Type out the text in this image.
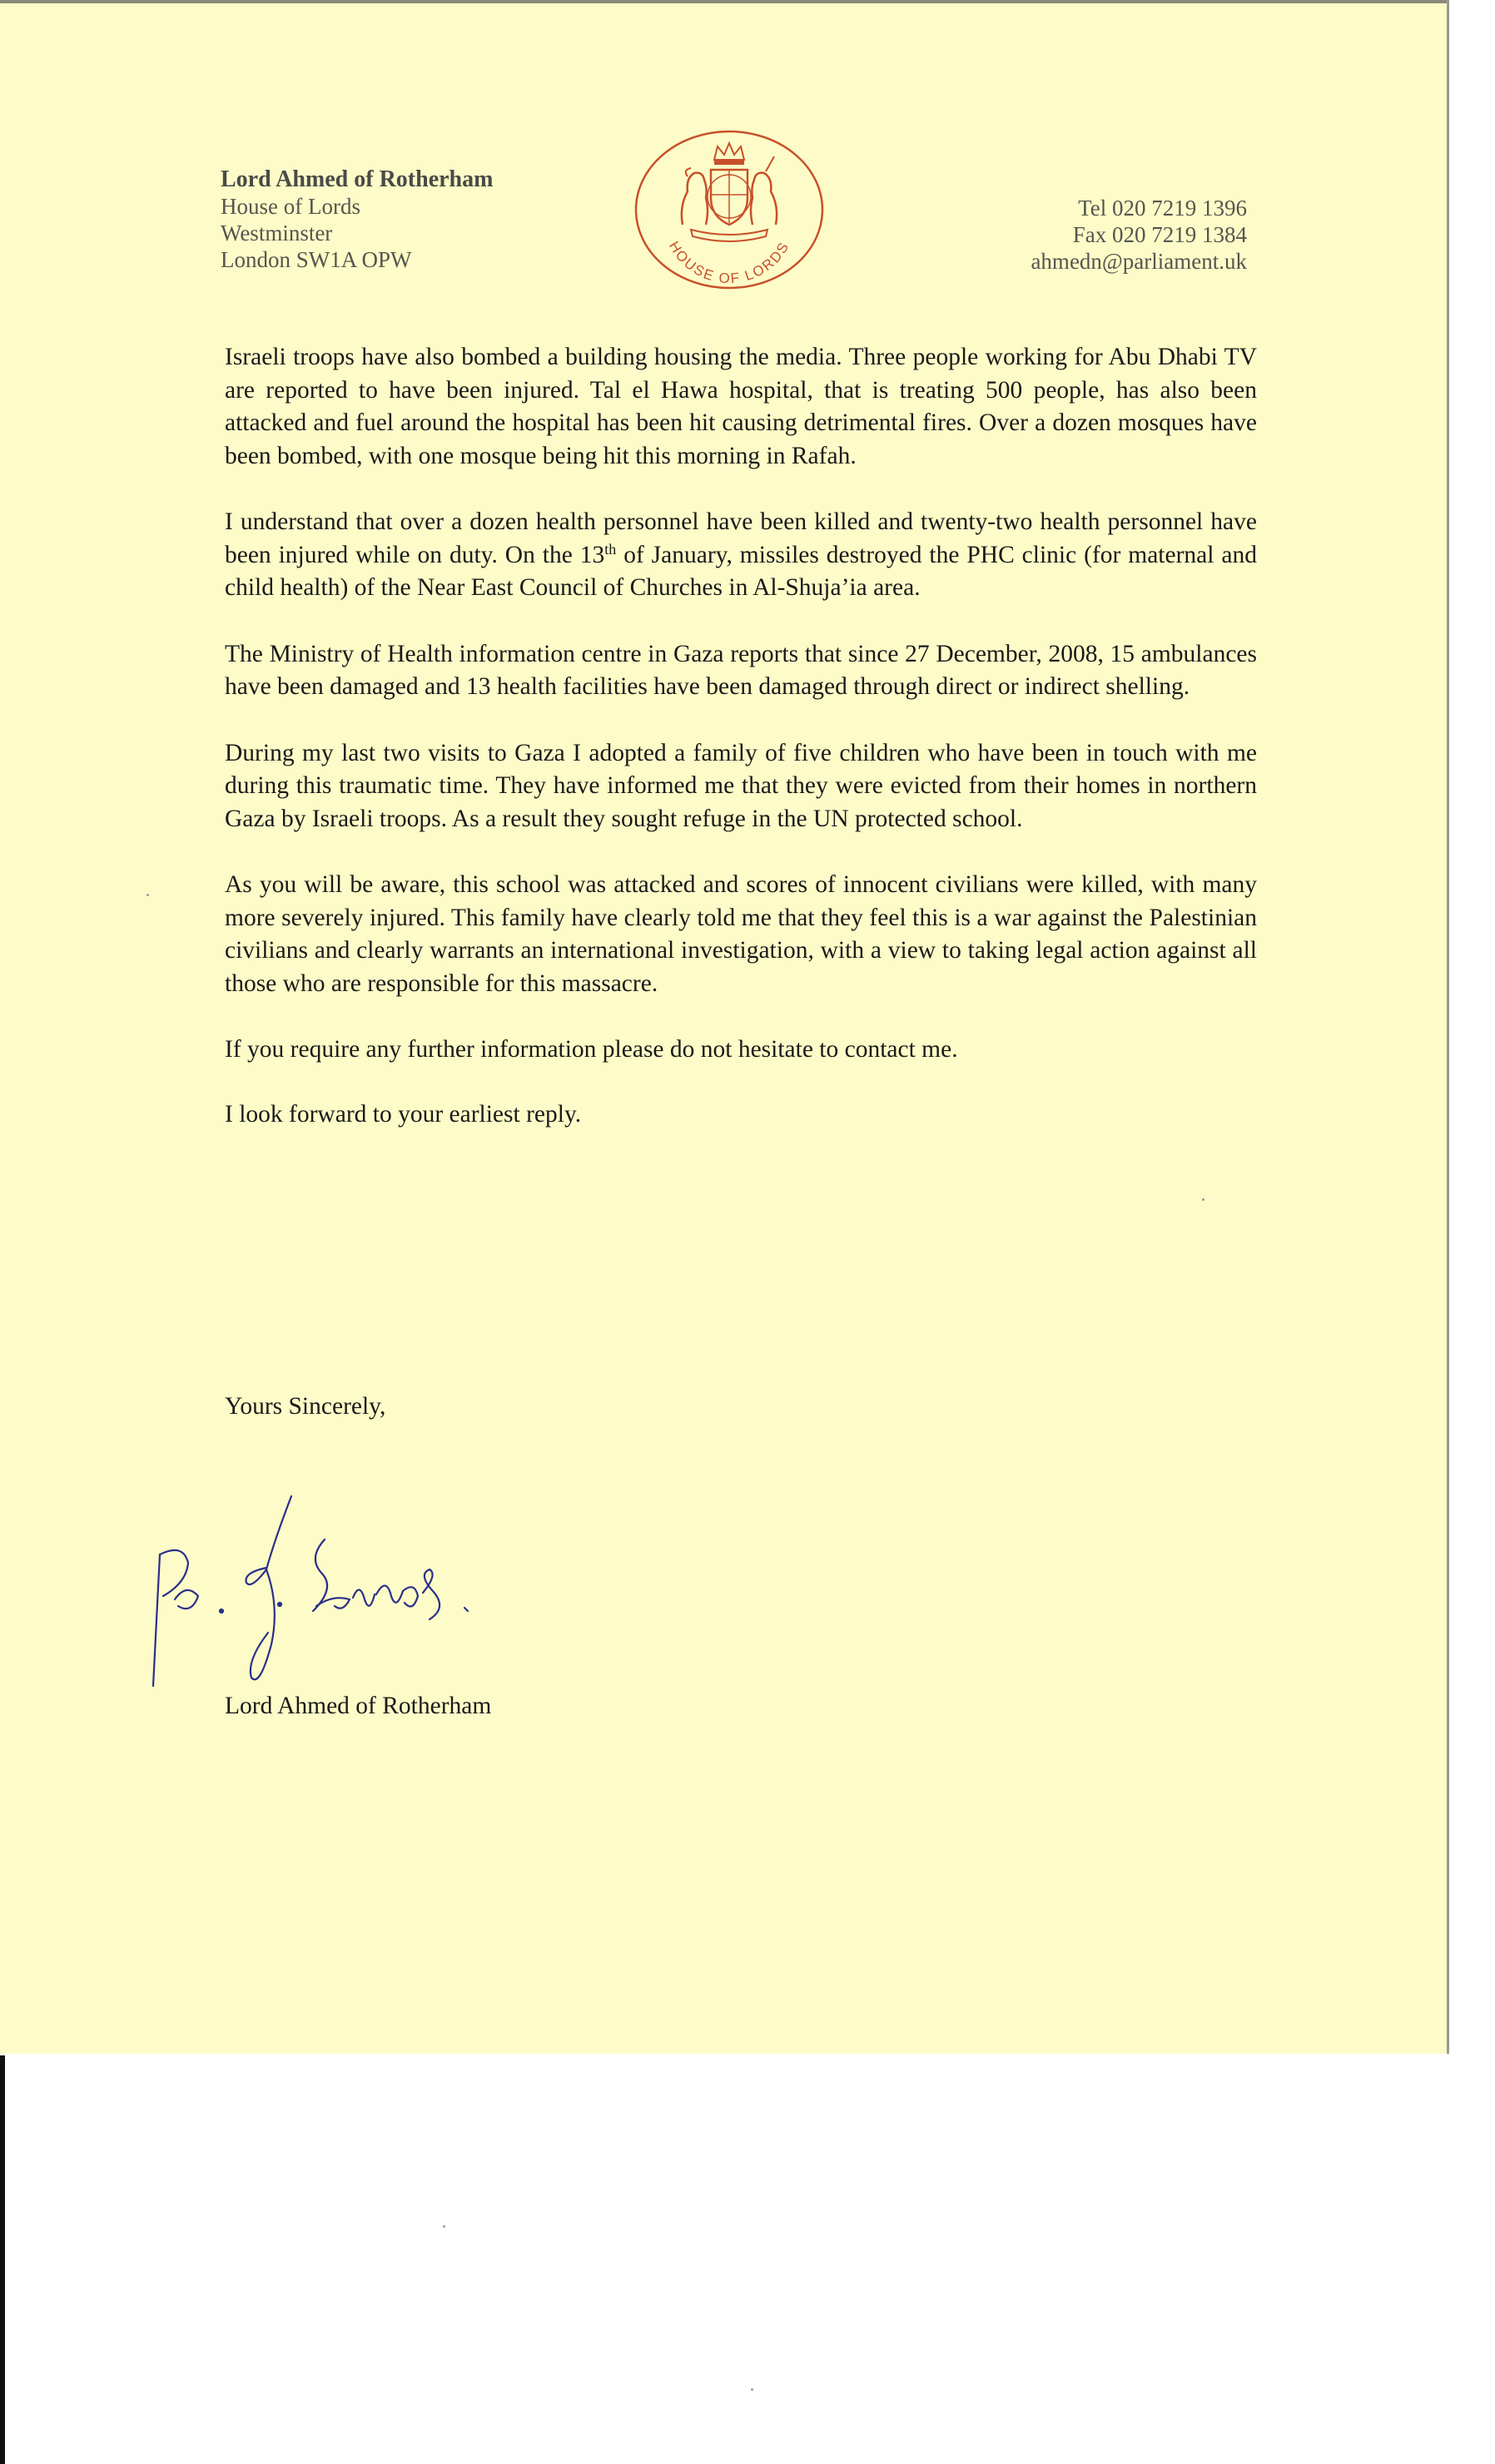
Lord Ahmed of Rotherham
House of Lords
Westminster
London SW1A OPW	HOUSE OF LORDS
Tel 020 7219 1396
Fax 020 7219 1384
ahmedn@parliament.uk

Israeli troops have also bombed a building housing the media. Three people working for Abu Dhabi TV are reported to have been injured. Tal el Hawa hospital, that is treating 500 people, has also been attacked and fuel around the hospital has been hit causing detrimental fires. Over a dozen mosques have been bombed, with one mosque being hit this morning in Rafah.

I understand that over a dozen health personnel have been killed and twenty-two health personnel have been injured while on duty. On the 13th of January, missiles destroyed the PHC clinic (for maternal and child health) of the Near East Council of Churches in Al-Shuja’ia area.

The Ministry of Health information centre in Gaza reports that since 27 December, 2008, 15 ambulances have been damaged and 13 health facilities have been damaged through direct or indirect shelling.

During my last two visits to Gaza I adopted a family of five children who have been in touch with me during this traumatic time. They have informed me that they were evicted from their homes in northern Gaza by Israeli troops. As a result they sought refuge in the UN protected school.

As you will be aware, this school was attacked and scores of innocent civilians were killed, with many more severely injured. This family have clearly told me that they feel this is a war against the Palestinian civilians and clearly warrants an international investigation, with a view to taking legal action against all those who are responsible for this massacre.

If you require any further information please do not hesitate to contact me.

I look forward to your earliest reply.

Yours Sincerely,
Lord Ahmed of Rotherham
